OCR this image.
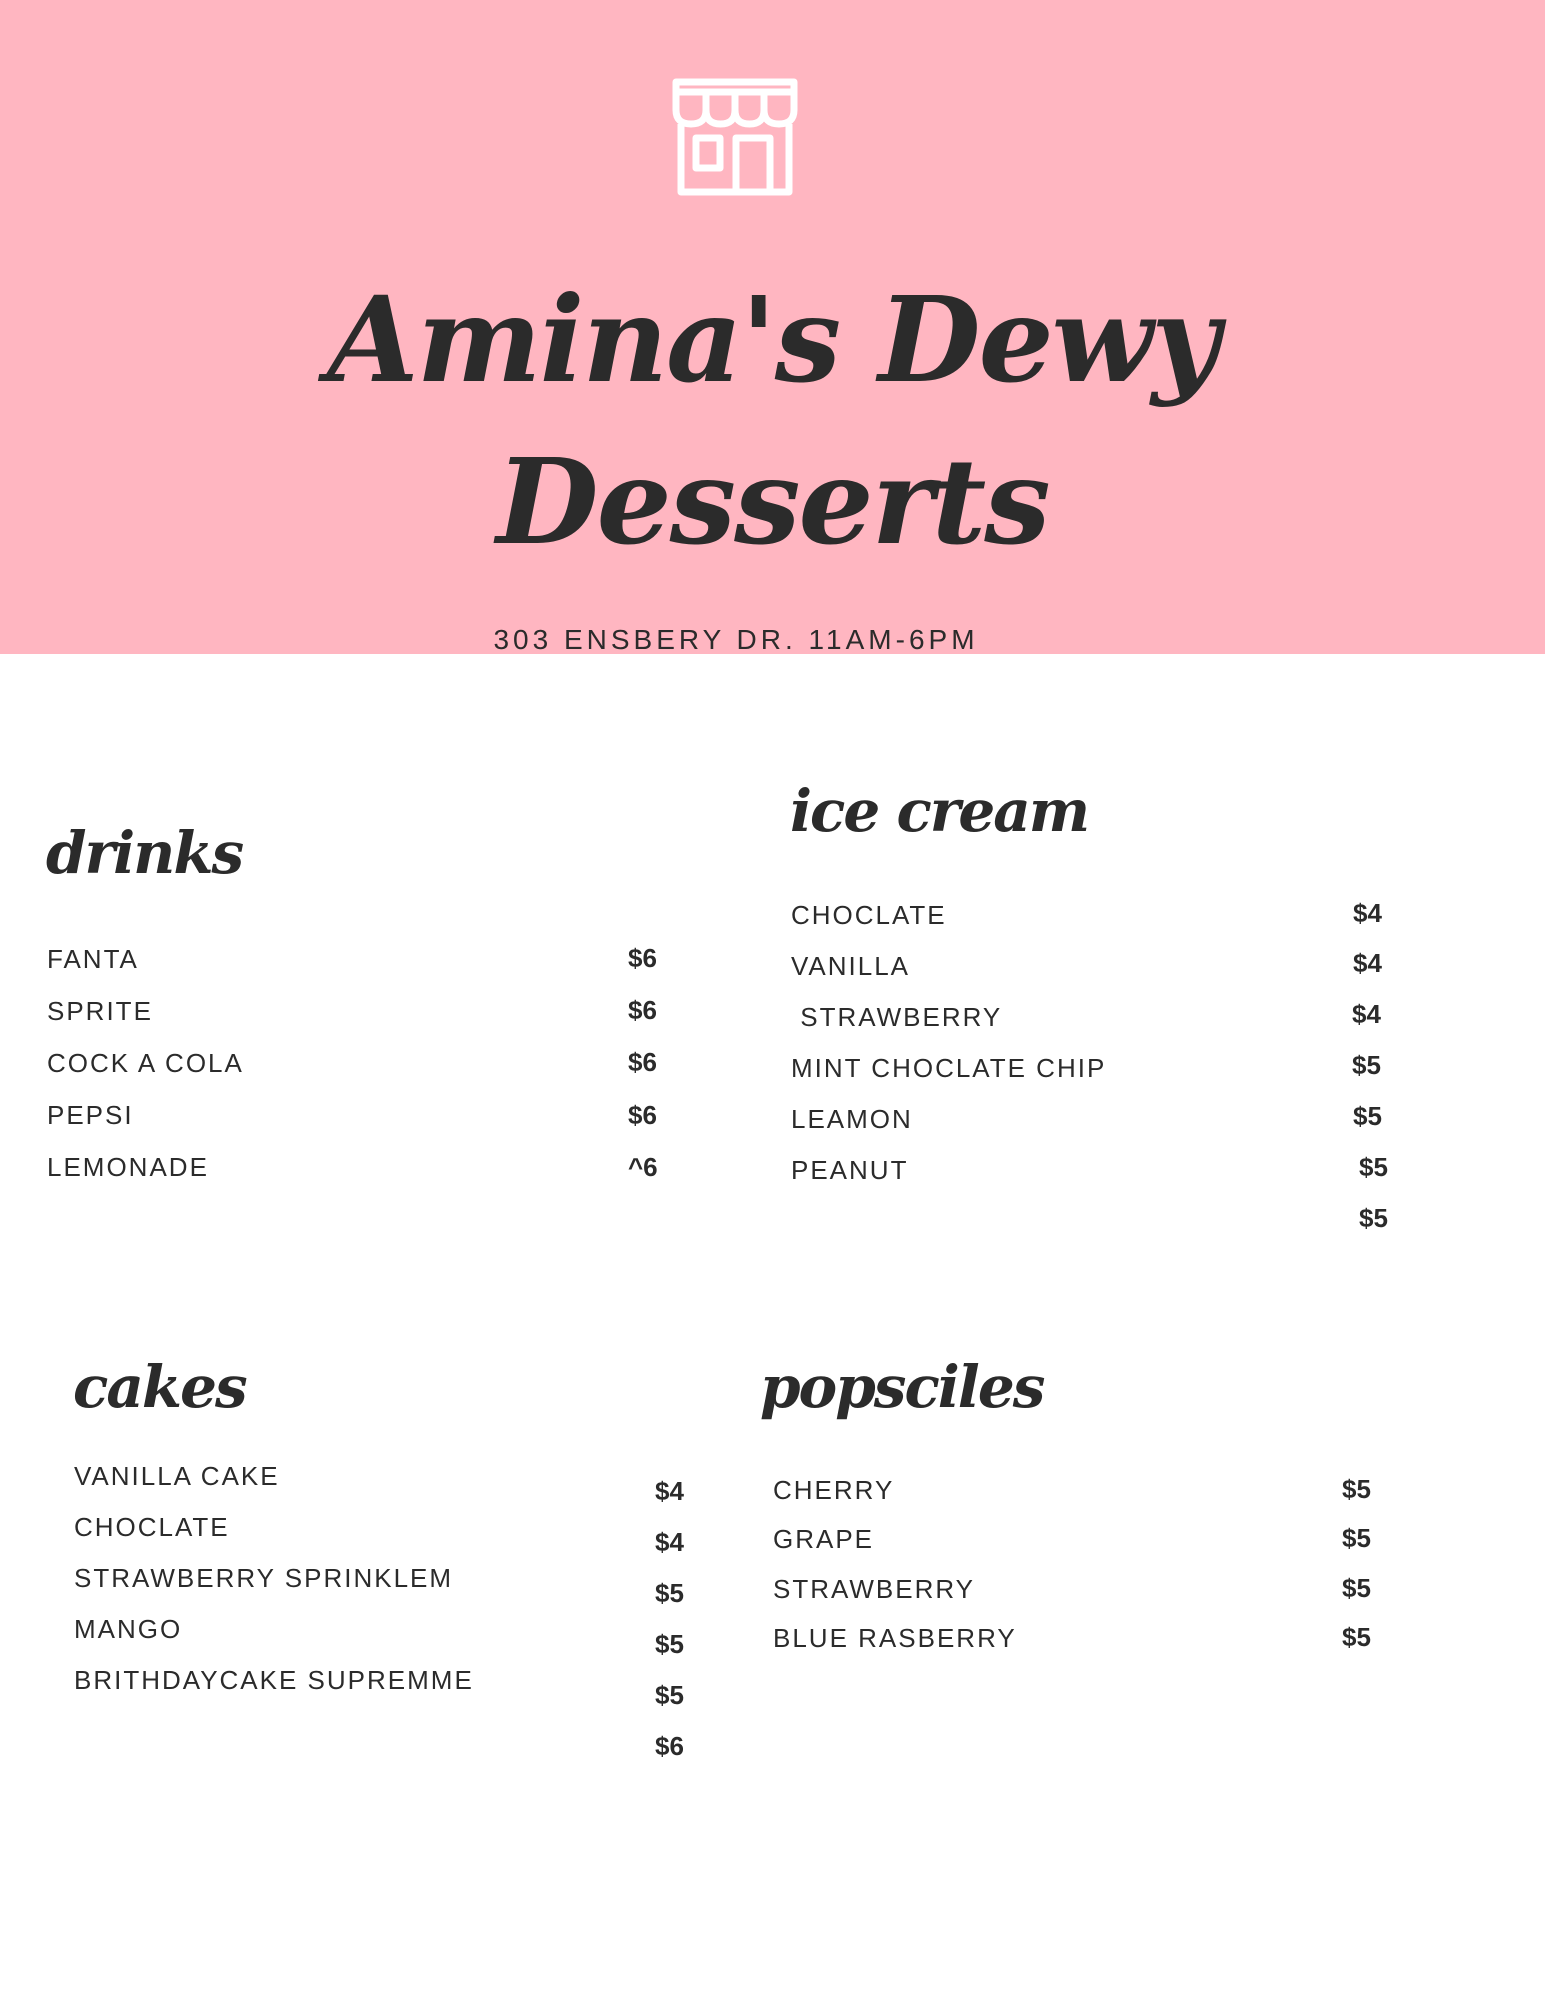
Amina's Dewy
Desserts
303 ENSBERY DR. 11AM-6PM
drinks
FANTA
SPRITE
COCK A COLA
PEPSI
LEMONADE
$6
$6
$6
$6
^6
ice cream
CHOCLATE
VANILLA
STRAWBERRY
MINT CHOCLATE CHIP
LEAMON
PEANUT
$4
$4
$4
$5
$5
$5
$5
cakes
VANILLA CAKE
CHOCLATE
STRAWBERRY SPRINKLEM
MANGO
BRITHDAYCAKE SUPREMME
$4
$4
$5
$5
$5
$6
popsciles
CHERRY
GRAPE
STRAWBERRY
BLUE RASBERRY
$5
$5
$5
$5
